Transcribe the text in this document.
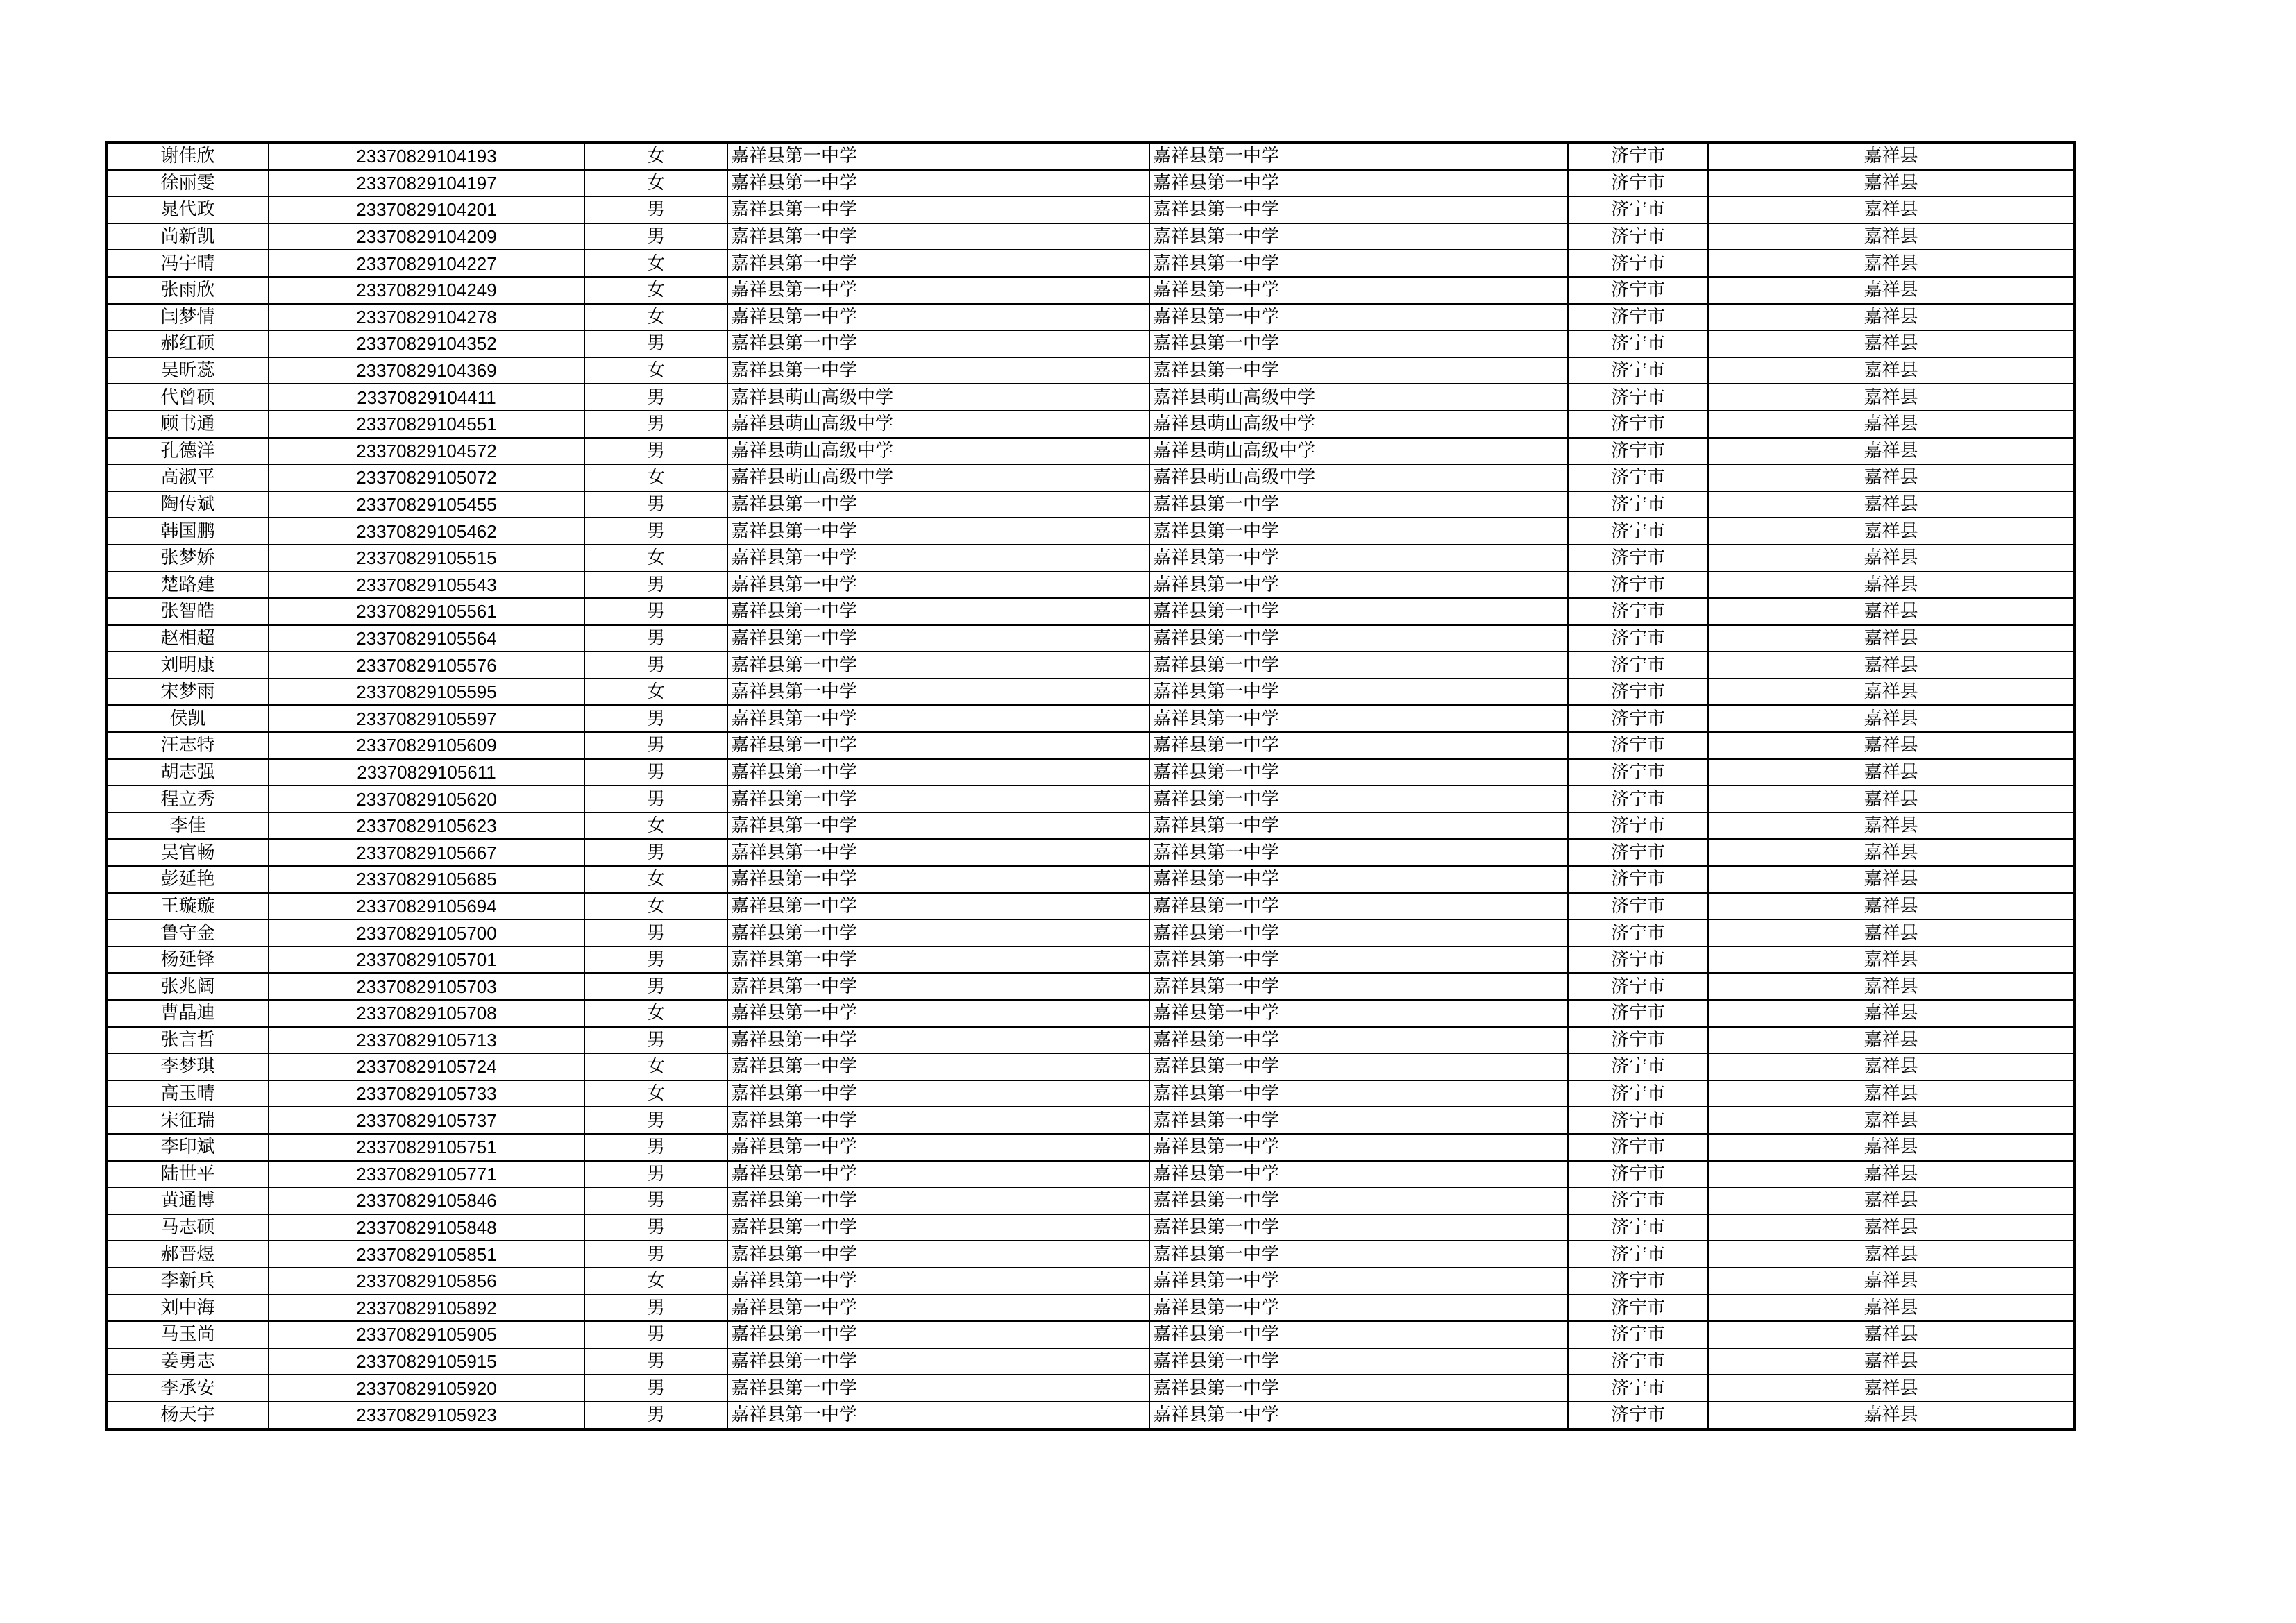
谢佳欣	23370829104193	女	嘉祥县第一中学	嘉祥县第一中学	济宁市	嘉祥县
徐丽雯	23370829104197	女	嘉祥县第一中学	嘉祥县第一中学	济宁市	嘉祥县
晁代政	23370829104201	男	嘉祥县第一中学	嘉祥县第一中学	济宁市	嘉祥县
尚新凯	23370829104209	男	嘉祥县第一中学	嘉祥县第一中学	济宁市	嘉祥县
冯宇晴	23370829104227	女	嘉祥县第一中学	嘉祥县第一中学	济宁市	嘉祥县
张雨欣	23370829104249	女	嘉祥县第一中学	嘉祥县第一中学	济宁市	嘉祥县
闫梦情	23370829104278	女	嘉祥县第一中学	嘉祥县第一中学	济宁市	嘉祥县
郝红硕	23370829104352	男	嘉祥县第一中学	嘉祥县第一中学	济宁市	嘉祥县
吴昕蕊	23370829104369	女	嘉祥县第一中学	嘉祥县第一中学	济宁市	嘉祥县
代曾硕	23370829104411	男	嘉祥县萌山高级中学	嘉祥县萌山高级中学	济宁市	嘉祥县
顾书通	23370829104551	男	嘉祥县萌山高级中学	嘉祥县萌山高级中学	济宁市	嘉祥县
孔德洋	23370829104572	男	嘉祥县萌山高级中学	嘉祥县萌山高级中学	济宁市	嘉祥县
高淑平	23370829105072	女	嘉祥县萌山高级中学	嘉祥县萌山高级中学	济宁市	嘉祥县
陶传斌	23370829105455	男	嘉祥县第一中学	嘉祥县第一中学	济宁市	嘉祥县
韩国鹏	23370829105462	男	嘉祥县第一中学	嘉祥县第一中学	济宁市	嘉祥县
张梦娇	23370829105515	女	嘉祥县第一中学	嘉祥县第一中学	济宁市	嘉祥县
楚路建	23370829105543	男	嘉祥县第一中学	嘉祥县第一中学	济宁市	嘉祥县
张智皓	23370829105561	男	嘉祥县第一中学	嘉祥县第一中学	济宁市	嘉祥县
赵相超	23370829105564	男	嘉祥县第一中学	嘉祥县第一中学	济宁市	嘉祥县
刘明康	23370829105576	男	嘉祥县第一中学	嘉祥县第一中学	济宁市	嘉祥县
宋梦雨	23370829105595	女	嘉祥县第一中学	嘉祥县第一中学	济宁市	嘉祥县
侯凯	23370829105597	男	嘉祥县第一中学	嘉祥县第一中学	济宁市	嘉祥县
汪志特	23370829105609	男	嘉祥县第一中学	嘉祥县第一中学	济宁市	嘉祥县
胡志强	23370829105611	男	嘉祥县第一中学	嘉祥县第一中学	济宁市	嘉祥县
程立秀	23370829105620	男	嘉祥县第一中学	嘉祥县第一中学	济宁市	嘉祥县
李佳	23370829105623	女	嘉祥县第一中学	嘉祥县第一中学	济宁市	嘉祥县
吴官畅	23370829105667	男	嘉祥县第一中学	嘉祥县第一中学	济宁市	嘉祥县
彭延艳	23370829105685	女	嘉祥县第一中学	嘉祥县第一中学	济宁市	嘉祥县
王璇璇	23370829105694	女	嘉祥县第一中学	嘉祥县第一中学	济宁市	嘉祥县
鲁守金	23370829105700	男	嘉祥县第一中学	嘉祥县第一中学	济宁市	嘉祥县
杨延铎	23370829105701	男	嘉祥县第一中学	嘉祥县第一中学	济宁市	嘉祥县
张兆阔	23370829105703	男	嘉祥县第一中学	嘉祥县第一中学	济宁市	嘉祥县
曹晶迪	23370829105708	女	嘉祥县第一中学	嘉祥县第一中学	济宁市	嘉祥县
张言哲	23370829105713	男	嘉祥县第一中学	嘉祥县第一中学	济宁市	嘉祥县
李梦琪	23370829105724	女	嘉祥县第一中学	嘉祥县第一中学	济宁市	嘉祥县
高玉晴	23370829105733	女	嘉祥县第一中学	嘉祥县第一中学	济宁市	嘉祥县
宋征瑞	23370829105737	男	嘉祥县第一中学	嘉祥县第一中学	济宁市	嘉祥县
李印斌	23370829105751	男	嘉祥县第一中学	嘉祥县第一中学	济宁市	嘉祥县
陆世平	23370829105771	男	嘉祥县第一中学	嘉祥县第一中学	济宁市	嘉祥县
黄通博	23370829105846	男	嘉祥县第一中学	嘉祥县第一中学	济宁市	嘉祥县
马志硕	23370829105848	男	嘉祥县第一中学	嘉祥县第一中学	济宁市	嘉祥县
郝晋煜	23370829105851	男	嘉祥县第一中学	嘉祥县第一中学	济宁市	嘉祥县
李新兵	23370829105856	女	嘉祥县第一中学	嘉祥县第一中学	济宁市	嘉祥县
刘中海	23370829105892	男	嘉祥县第一中学	嘉祥县第一中学	济宁市	嘉祥县
马玉尚	23370829105905	男	嘉祥县第一中学	嘉祥县第一中学	济宁市	嘉祥县
姜勇志	23370829105915	男	嘉祥县第一中学	嘉祥县第一中学	济宁市	嘉祥县
李承安	23370829105920	男	嘉祥县第一中学	嘉祥县第一中学	济宁市	嘉祥县
杨天宇	23370829105923	男	嘉祥县第一中学	嘉祥县第一中学	济宁市	嘉祥县
